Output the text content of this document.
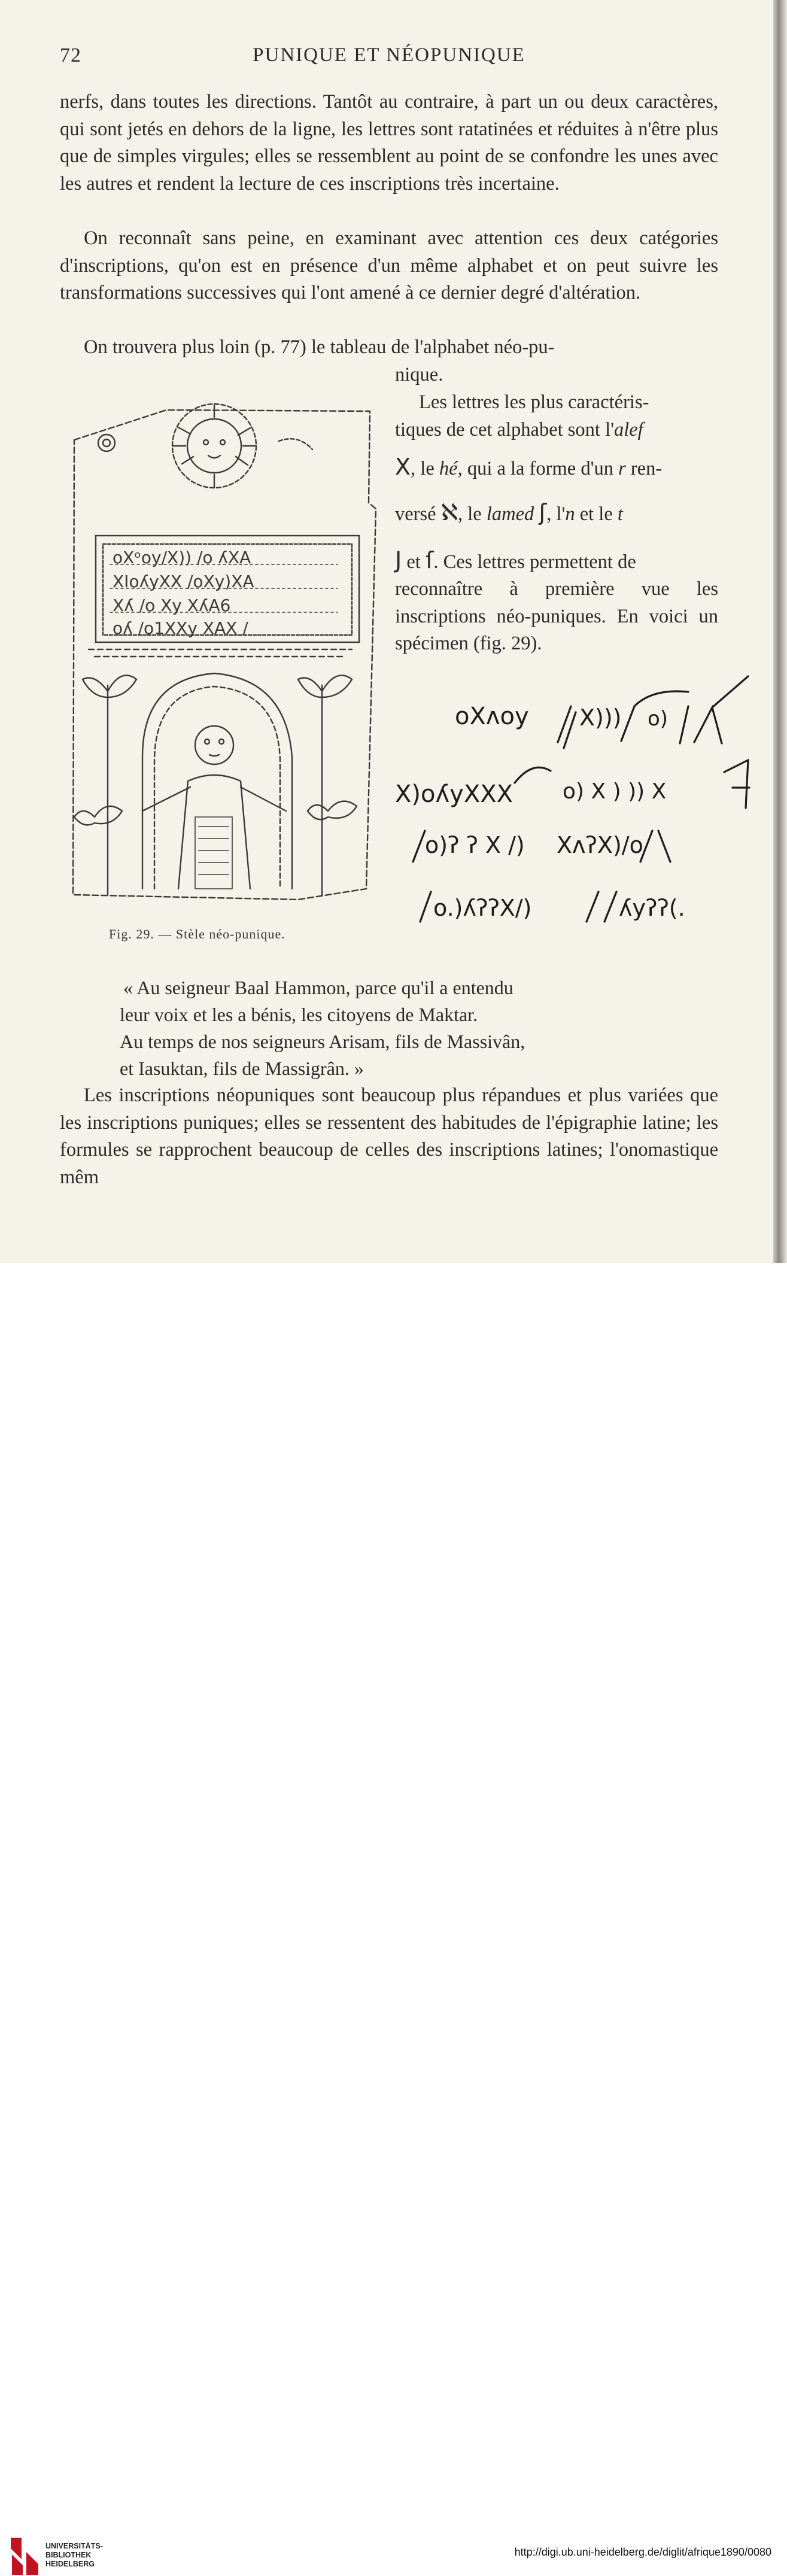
72	PUNIQUE ET NÉOPUNIQUE

nerfs, dans toutes les directions. Tantôt au contraire, à part un ou deux caractères, qui sont jetés en dehors de la ligne, les lettres sont ratatinées et réduites à n'être plus que de simples virgules; elles se ressemblent au point de se confondre les unes avec les autres et rendent la lecture de ces inscriptions très incertaine.

On reconnaît sans peine, en examinant avec attention ces deux catégories d'inscriptions, qu'on est en présence d'un même alphabet et on peut suivre les transformations successives qui l'ont amené à ce dernier degré d'altération.

On trouvera plus loin (p. 77) le tableau de l'alphabet néo-pu-
nique.
Les lettres les plus caractéris-
tiques de cet alphabet sont l'alef
X, le hé, qui a la forme d'un r ren-
versé ℵ, le lamed ʃ, l'n et le t
J et ſ. Ces lettres permettent de

reconnaître à première vue les inscriptions néo-puniques. En voici un spécimen (fig. 29).

oXᵒoy/X)) /o ʎXA
XIoʎyXX /oXy)XA
Xʎ /o Xy XʎA6
oʎ /o1XXy XAX /
Fig. 29. — Stèle néo-punique.
oXʌoy X))) o)
X)oʎyXXX o) X ) )) X
o)ʔ ʔ X /) XʌʔX)/o
o.)ʎʔʔX/)	ʎyʔʔ(.
« Au seigneur Baal Hammon, parce qu'il a entendu
leur voix et les a bénis, les citoyens de Maktar.
Au temps de nos seigneurs Arisam, fils de Massivân,
et Iasuktan, fils de Massigrân. »

Les inscriptions néopuniques sont beaucoup plus répandues et plus variées que les inscriptions puniques; elles se ressentent des habitudes de l'épigraphie latine; les formules se rapprochent beaucoup de celles des inscriptions latines; l'onomastique mêm

UNIVERSITÄTS-
BIBLIOTHEK
HEIDELBERG
http://digi.ub.uni-heidelberg.de/diglit/afrique1890/0080
